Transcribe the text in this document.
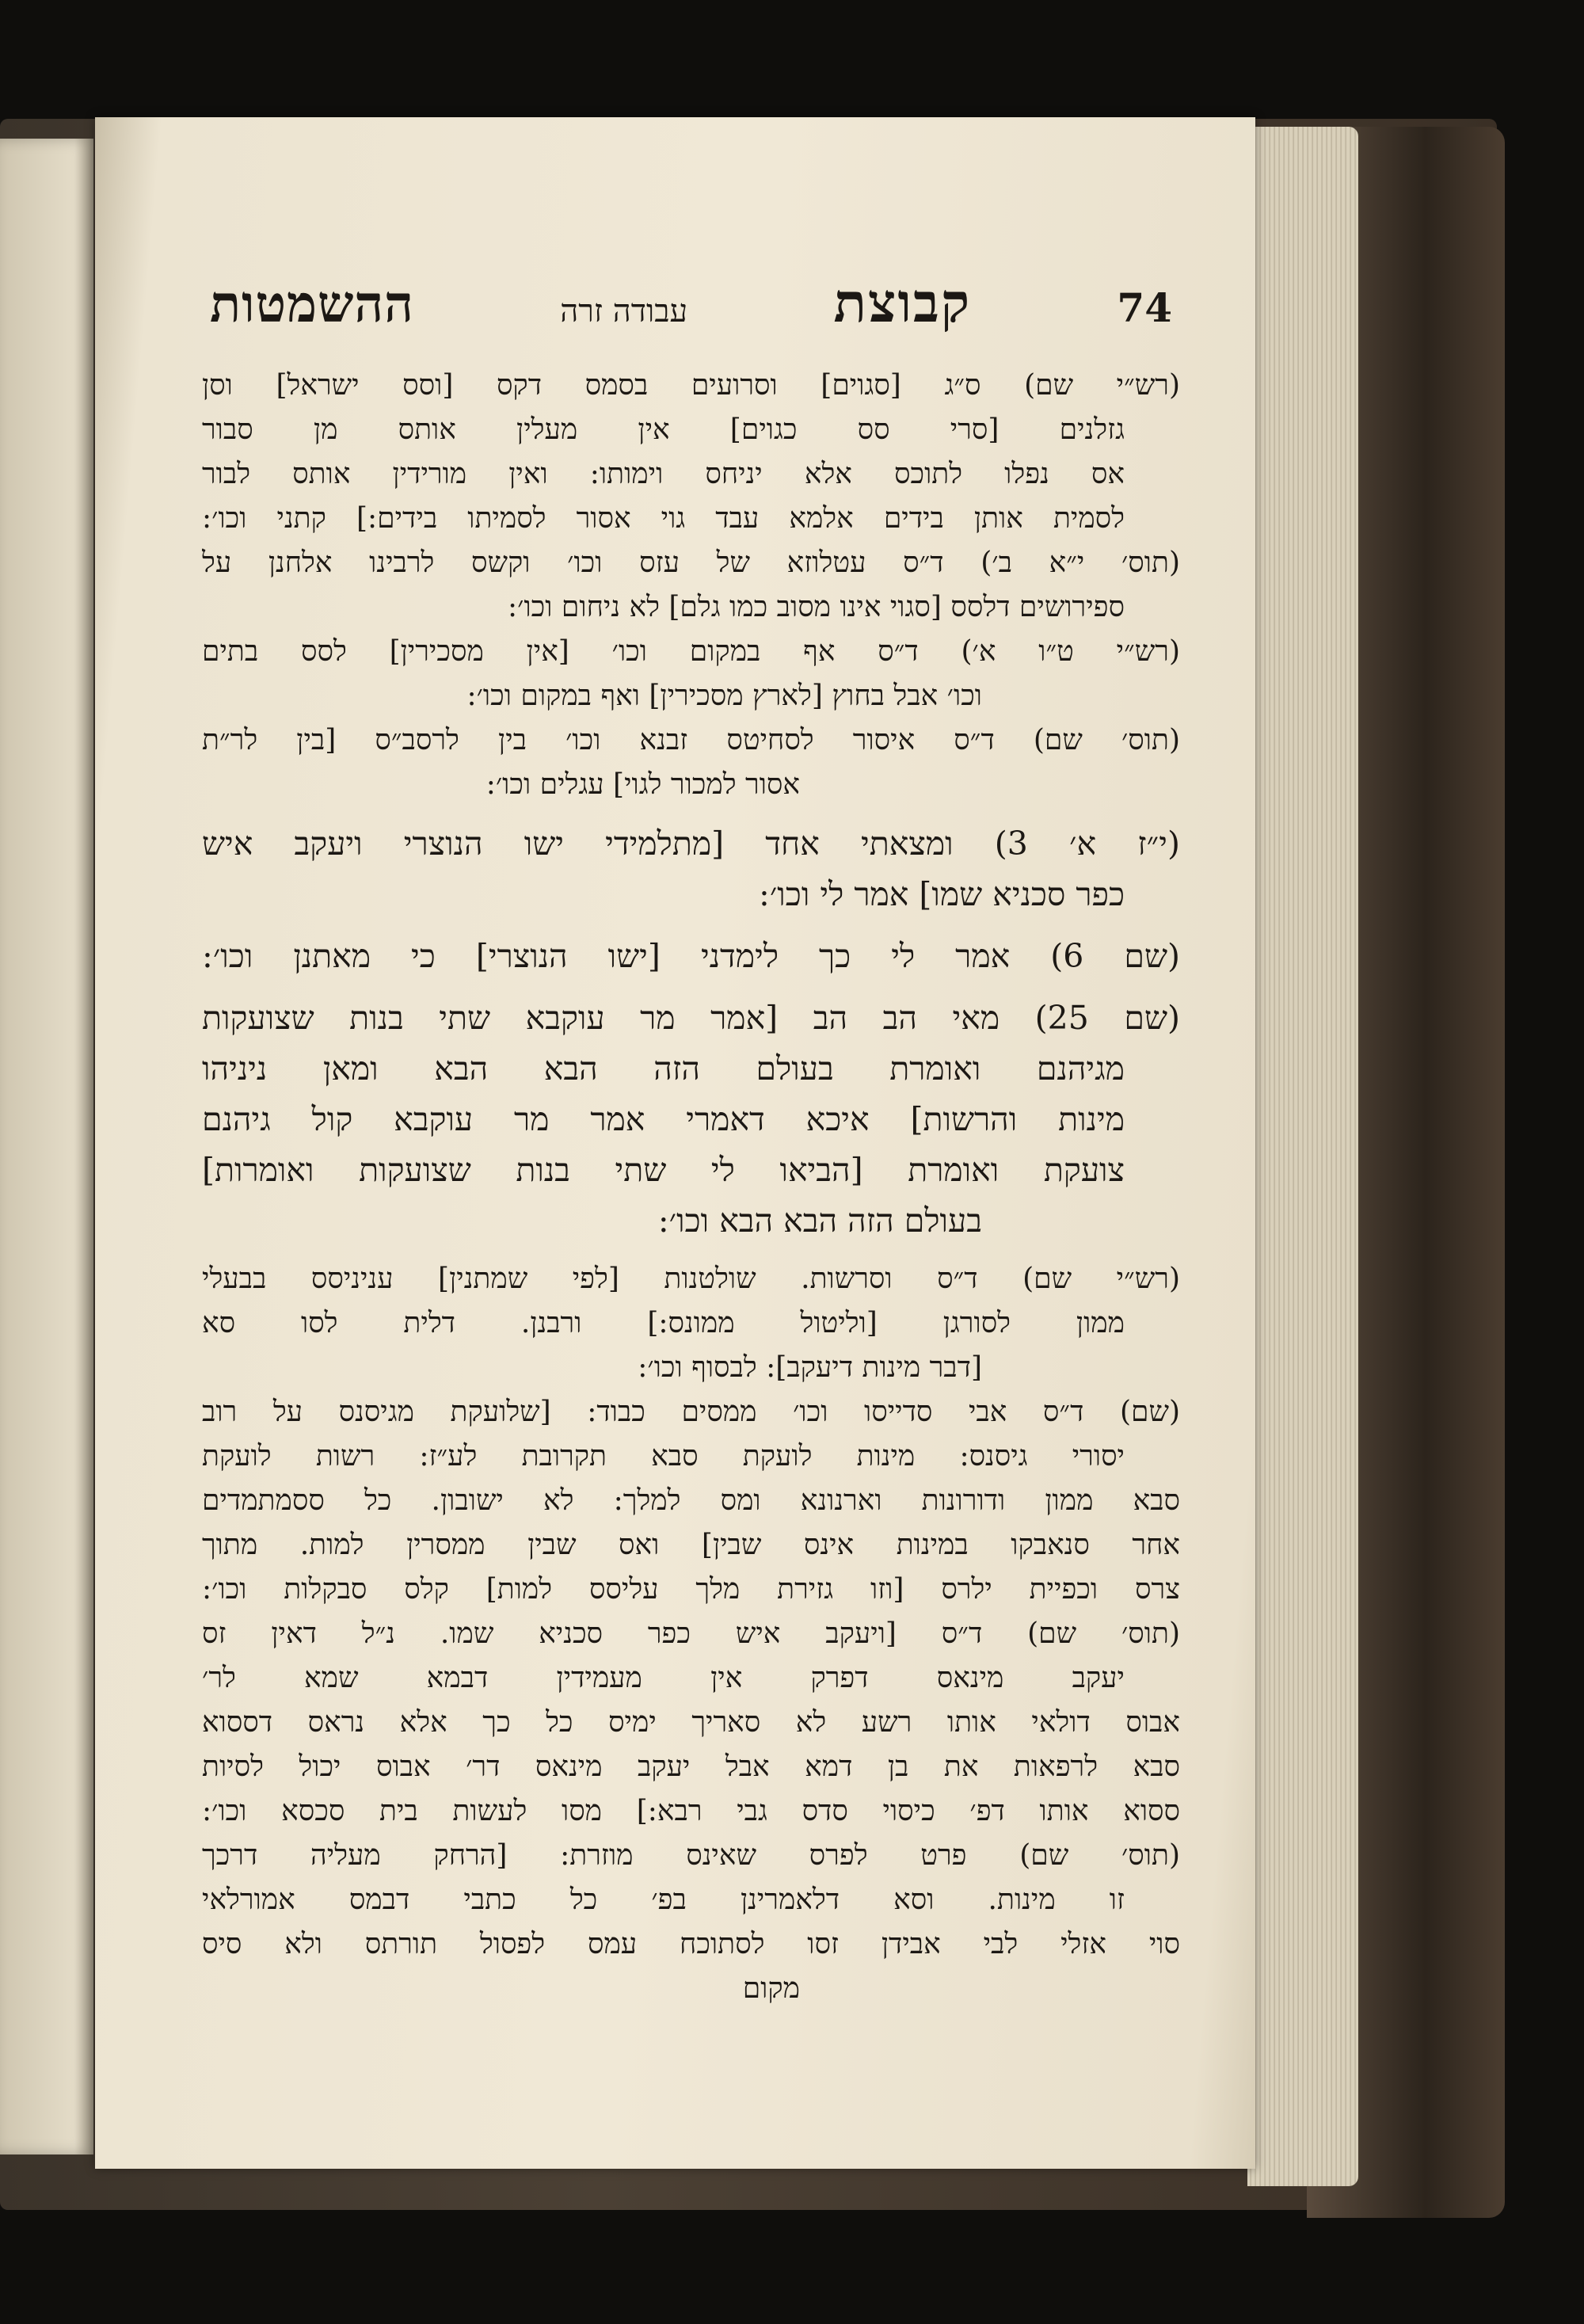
74
קבוצת
עבודה זרה
ההשמטות
(רש״י שם) ס״ג [סגוים] וסרועים בסמס דקס [וסס ישראל] וסן
גזלנים [סרי סס כגוים] אין מעלין אותס מן סבור
אס נפלו לתוכס אלא יניחס וימותו: ואין מורידין אותס לבור
לסמית אותן בידים אלמא עבד גוי אסור לסמיתו בידים:] קתני וכו׳:
(תוס׳ י״א ב׳) ד״ס עטלוזא של עזס וכו׳ וקשס לרבינו אלחנן על
ספירושים דלסס [סגוי אינו מסוב כמו גלם] לא ניחום וכו׳:
(רש״י ט״ו א׳) ד״ס אף במקום וכו׳ [אין מסכירין] לסס בתים
וכו׳ אבל בחוץ [לארץ מסכירין] ואף במקום וכו׳:
(תוס׳ שם) ד״ס איסור לסחיטס זבנא וכו׳ בין לרסב״ס [בין לר״ת
אסור למכור לגוי] עגלים וכו׳:
(י״ז א׳ 3) ומצאתי אחד [מתלמידי ישו הנוצרי ויעקב איש
כפר סכניא שמו] אמר לי וכו׳:
(שם 6) אמר לי כך לימדני [ישו הנוצרי] כי מאתנן וכו׳:
(שם 25) מאי הב הב [אמר מר עוקבא שתי בנות שצועקות
מגיהנם ואומרת בעולם הזה הבא הבא ומאן ניניהו
מינות והרשות] איכא דאמרי אמר מר עוקבא קול גיהנם
צועקת ואומרת [הביאו לי שתי בנות שצועקות ואומרות]
בעולם הזה הבא הבא וכו׳:
(רש״י שם) ד״ס וסרשות. שולטנות [לפי שמתנין] עניניסס בבעלי
ממון לסורגן [וליטול ממונס:] ורבנן. דלית לסו סא
[דבר מינות דיעקב]: לבסוף וכו׳:
(שם) ד״ס אבי סדייסו וכו׳ ממסים כבוד: [שלועקת מגיסנס על רוב
יסורי גיסנס: מינות לועקת סבא תקרובת לע״ז: רשות לועקת
סבא ממון ודורונות וארנונא ומס למלך: לא ישובון. כל ססמתמדים
אחר סנאבקו במינות אינס שבין] ואס שבין ממסרין למות. מתוך
צרס וכפיית ילרס [וזו גזירת מלך עליסס למות] קלס סבקלות וכו׳:
(תוס׳ שם) ד״ס [ויעקב איש כפר סכניא שמו. נ״ל דאין זס
יעקב מינאס דפרק אין מעמידין דבמא שמא לר׳
אבוס דולאי אותו רשע לא סאריך ימיס כל כך אלא נראס דססוא
סבא לרפאות את בן דמא אבל יעקב מינאס דר׳ אבוס יכול לסיות
ססוא אותו דפ׳ כיסוי סדס גבי רבא:] מסו לעשות בית סכסא וכו׳:
(תוס׳ שם) פרט לפרס שאינס מוזרת: [הרחק מעליה דרכך
זו מינות. וסא דלאמרינן בפ׳ כל כתבי דבמס אמורלאי
סוי אזלי לבי אבידן זסו לסתוכח עמס לפסול תורתס ולא סיס
מקום
